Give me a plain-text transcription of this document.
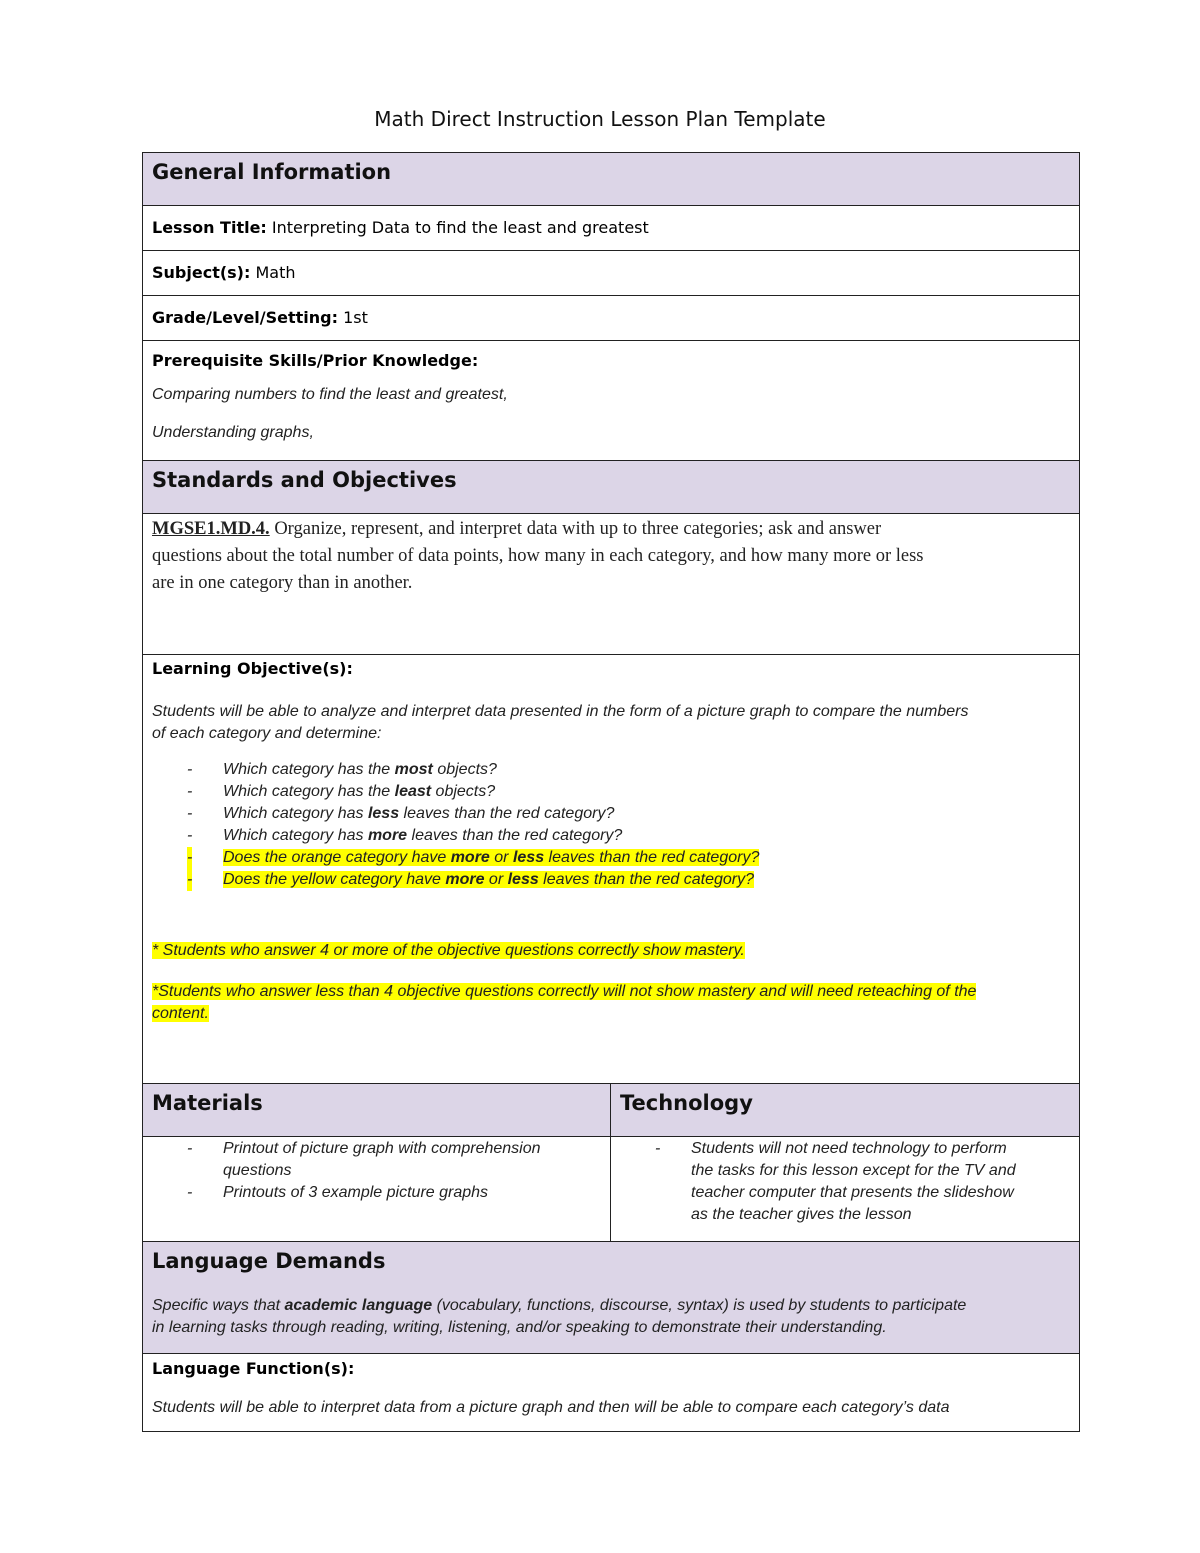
Math Direct Instruction Lesson Plan Template
General Information
Lesson Title: Interpreting Data to find the least and greatest
Subject(s): Math
Grade/Level/Setting: 1st
Prerequisite Skills/Prior Knowledge:
Comparing numbers to find the least and greatest,
Understanding graphs,
Standards and Objectives
MGSE1.MD.4. Organize, represent, and interpret data with up to three categories; ask and answer
questions about the total number of data points, how many in each category, and how many more or less
are in one category than in another.
Learning Objective(s):
Students will be able to analyze and interpret data presented in the form of a picture graph to compare the numbers
of each category and determine:
- Which category has the most objects?
- Which category has the least objects?
- Which category has less leaves than the red category?
- Which category has more leaves than the red category?
- Does the orange category have more or less leaves than the red category?
- Does the yellow category have more or less leaves than the red category?
* Students who answer 4 or more of the objective questions correctly show mastery.
*Students who answer less than 4 objective questions correctly will not show mastery and will need reteaching of the
content.
Materials	Technology
- Printout of picture graph with comprehension
questions
- Printouts of 3 example picture graphs
- Students will not need technology to perform
the tasks for this lesson except for the TV and
teacher computer that presents the slideshow
as the teacher gives the lesson
Language Demands
Specific ways that academic language (vocabulary, functions, discourse, syntax) is used by students to participate
in learning tasks through reading, writing, listening, and/or speaking to demonstrate their understanding.
Language Function(s):
Students will be able to interpret data from a picture graph and then will be able to compare each category’s data
